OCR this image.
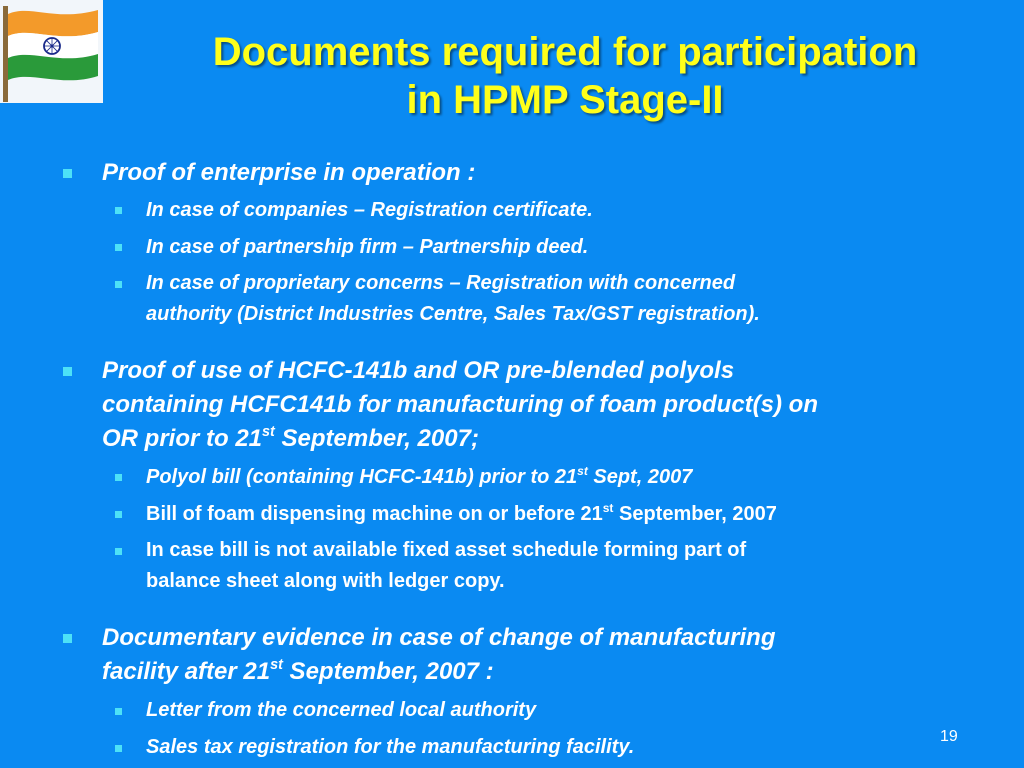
Documents required for participation
in HPMP Stage-II
Proof of enterprise in operation :
In case of companies – Registration certificate.
In case of partnership firm – Partnership deed.
In case of proprietary concerns – Registration with concerned
authority (District Industries Centre, Sales Tax/GST registration).
Proof of use of HCFC-141b and OR pre-blended polyols
containing HCFC141b for manufacturing of foam product(s) on
OR prior to 21st September, 2007;
Polyol bill (containing HCFC-141b) prior to 21st Sept, 2007
Bill of foam dispensing machine on or before 21st September, 2007
In case bill is not available fixed asset schedule forming part of
balance sheet along with ledger copy.
Documentary evidence in case of change of manufacturing
facility after 21st September, 2007 :
Letter from the concerned local authority
Sales tax registration for the manufacturing facility.	19
